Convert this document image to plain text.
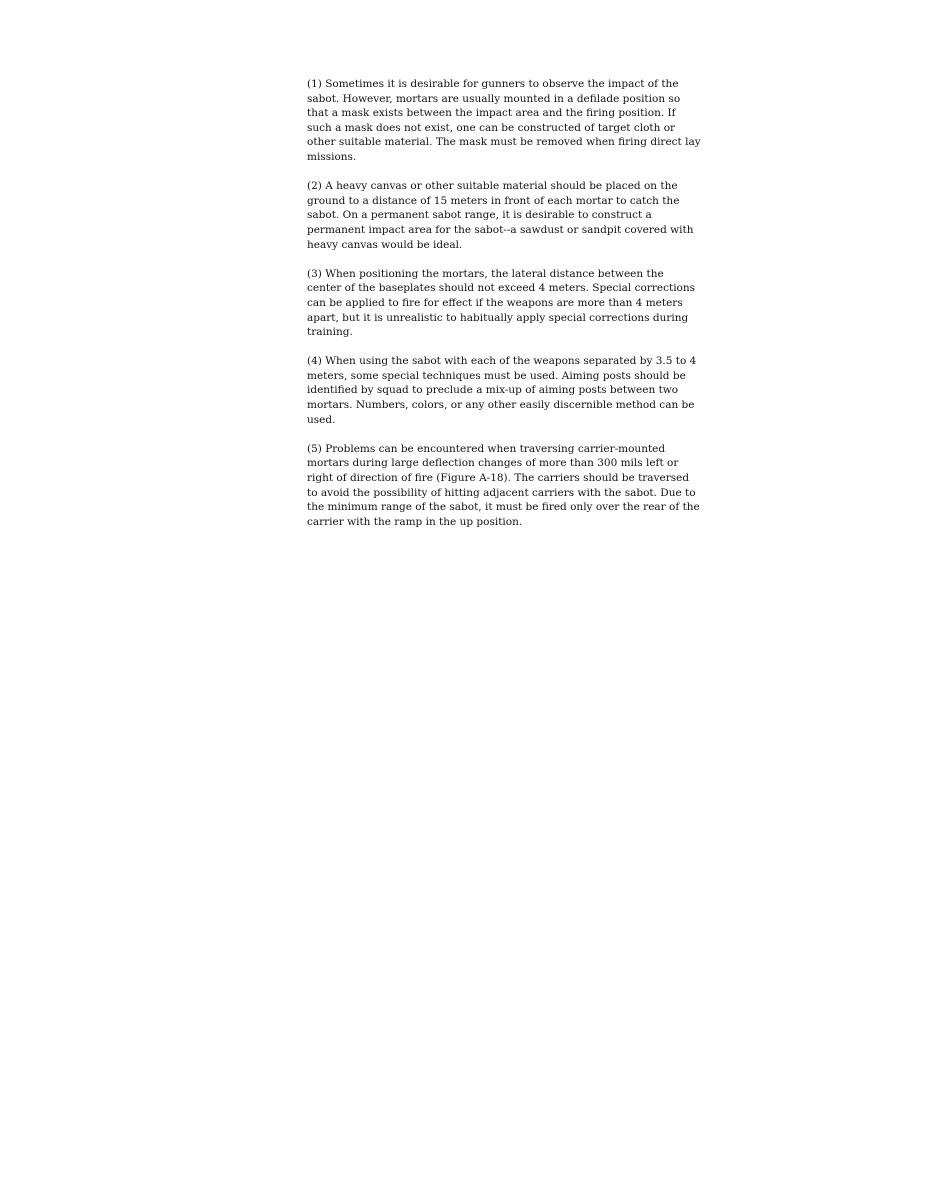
(1) Sometimes it is desirable for gunners to observe the impact of the sabot. However, mortars are usually mounted in a defilade position so that a mask exists between the impact area and the firing position. If such a mask does not exist, one can be constructed of target cloth or other suitable material. The mask must be removed when firing direct lay missions.

(2) A heavy canvas or other suitable material should be placed on the ground to a distance of 15 meters in front of each mortar to catch the sabot. On a permanent sabot range, it is desirable to construct a permanent impact area for the sabot--a sawdust or sandpit covered with heavy canvas would be ideal.

(3) When positioning the mortars, the lateral distance between the center of the baseplates should not exceed 4 meters. Special corrections can be applied to fire for effect if the weapons are more than 4 meters apart, but it is unrealistic to habitually apply special corrections during training.

(4) When using the sabot with each of the weapons separated by 3.5 to 4 meters, some special techniques must be used. Aiming posts should be identified by squad to preclude a mix-up of aiming posts between two mortars. Numbers, colors, or any other easily discernible method can be used.

(5) Problems can be encountered when traversing carrier-mounted mortars during large deflection changes of more than 300 mils left or right of direction of fire (Figure A-18). The carriers should be traversed to avoid the possibility of hitting adjacent carriers with the sabot. Due to the minimum range of the sabot, it must be fired only over the rear of the carrier with the ramp in the up position.
